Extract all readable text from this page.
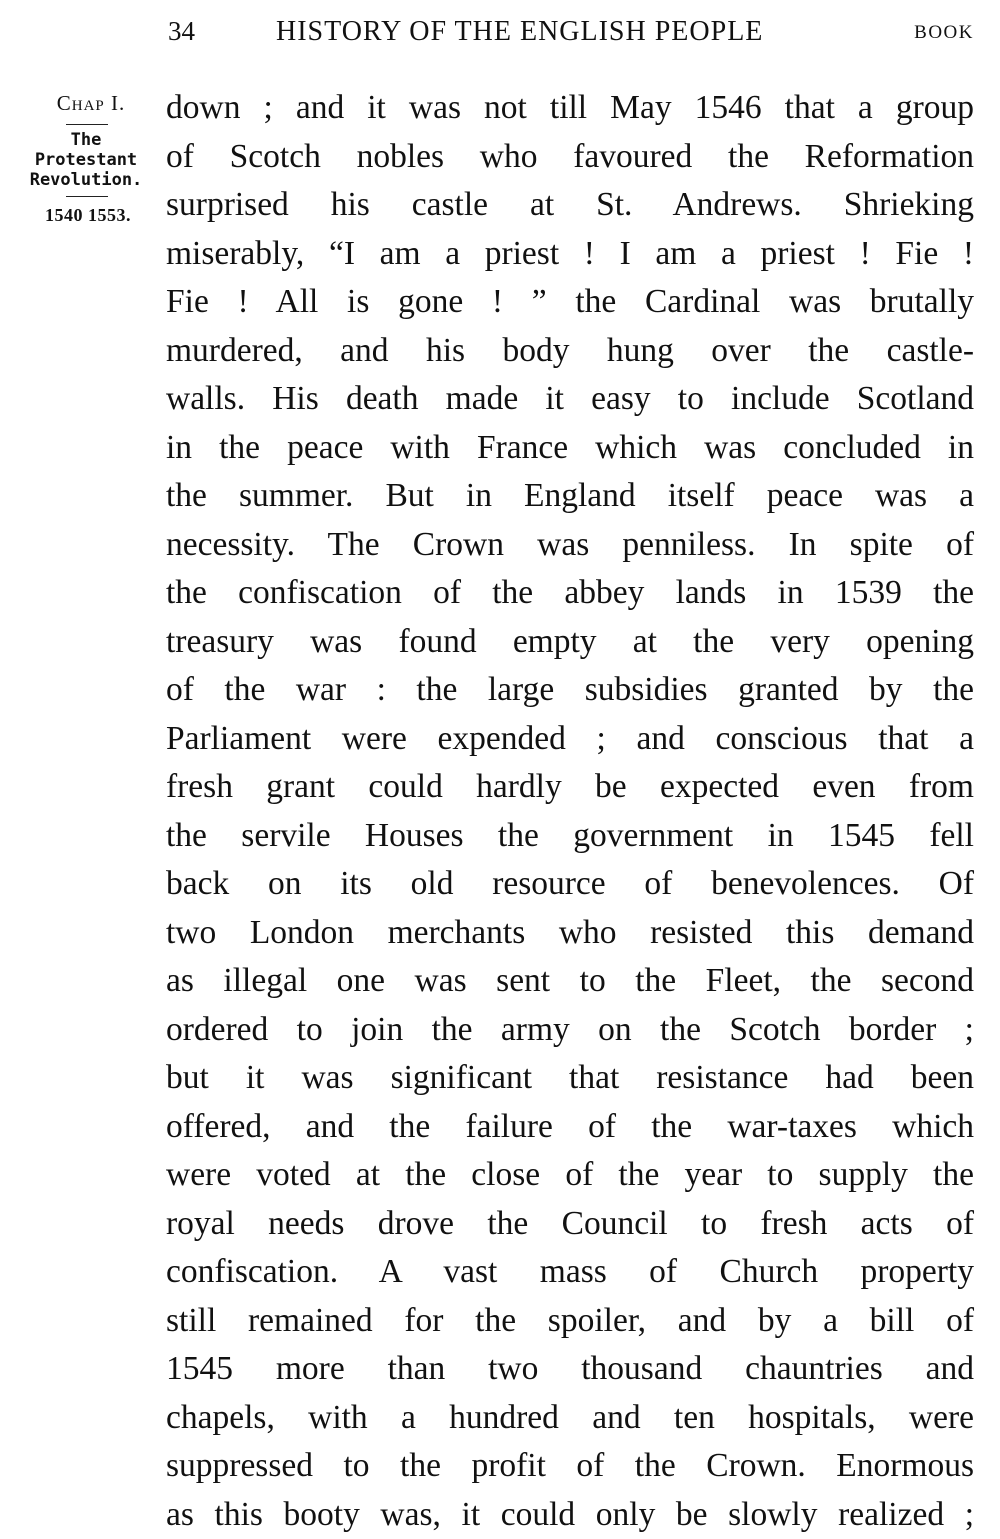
34	HISTORY OF THE ENGLISH PEOPLE	BOOK
Chap I.
The
Protestant
Revolution.
1540 1553.
down ; and it was not till May 1546 that a group
of Scotch nobles who favoured the Reformation
surprised his castle at St. Andrews. Shrieking
miserably, “I am a priest ! I am a priest ! Fie !
Fie ! All is gone ! ” the Cardinal was brutally
murdered, and his body hung over the castle-
walls. His death made it easy to include Scotland
in the peace with France which was concluded in
the summer. But in England itself peace was a
necessity. The Crown was penniless. In spite of
the confiscation of the abbey lands in 1539 the
treasury was found empty at the very opening
of the war : the large subsidies granted by the
Parliament were expended ; and conscious that a
fresh grant could hardly be expected even from
the servile Houses the government in 1545 fell
back on its old resource of benevolences. Of
two London merchants who resisted this demand
as illegal one was sent to the Fleet, the second
ordered to join the army on the Scotch border ;
but it was significant that resistance had been
offered, and the failure of the war-taxes which
were voted at the close of the year to supply the
royal needs drove the Council to fresh acts of
confiscation. A vast mass of Church property
still remained for the spoiler, and by a bill of
1545 more than two thousand chauntries and
chapels, with a hundred and ten hospitals, were
suppressed to the profit of the Crown. Enormous
as this booty was, it could only be slowly realized ;
